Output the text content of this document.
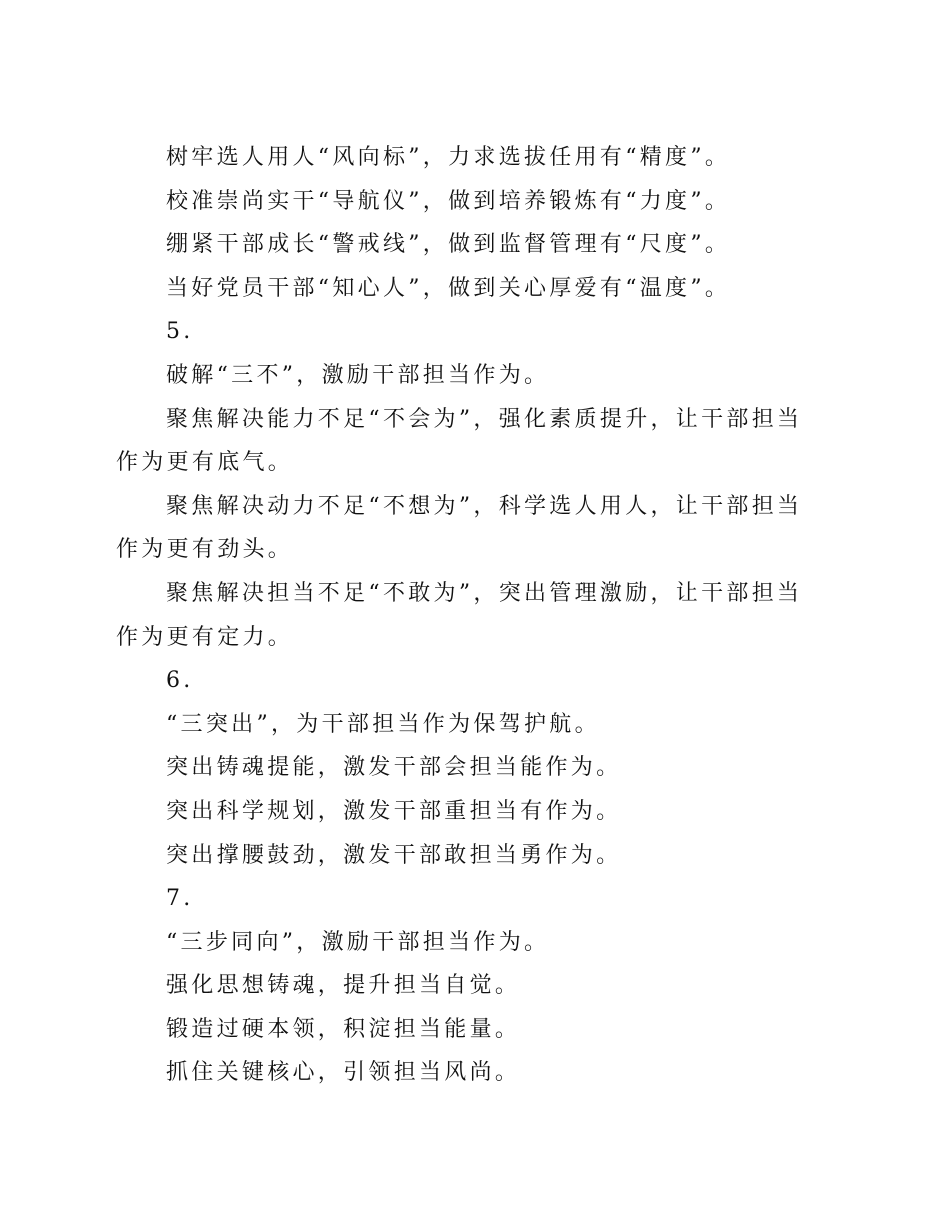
树牢选人用人“风向标”，力求选拔任用有“精度”。
校准崇尚实干“导航仪”，做到培养锻炼有“力度”。
绷紧干部成长“警戒线”，做到监督管理有“尺度”。
当好党员干部“知心人”，做到关心厚爱有“温度”。
5.
破解“三不”，激励干部担当作为。
聚焦解决能力不足“不会为”，强化素质提升，让干部担当
作为更有底气。
聚焦解决动力不足“不想为”，科学选人用人，让干部担当
作为更有劲头。
聚焦解决担当不足“不敢为”，突出管理激励，让干部担当
作为更有定力。
6.
“三突出”，为干部担当作为保驾护航。
突出铸魂提能，激发干部会担当能作为。
突出科学规划，激发干部重担当有作为。
突出撑腰鼓劲，激发干部敢担当勇作为。
7.
“三步同向”，激励干部担当作为。
强化思想铸魂，提升担当自觉。
锻造过硬本领，积淀担当能量。
抓住关键核心，引领担当风尚。
